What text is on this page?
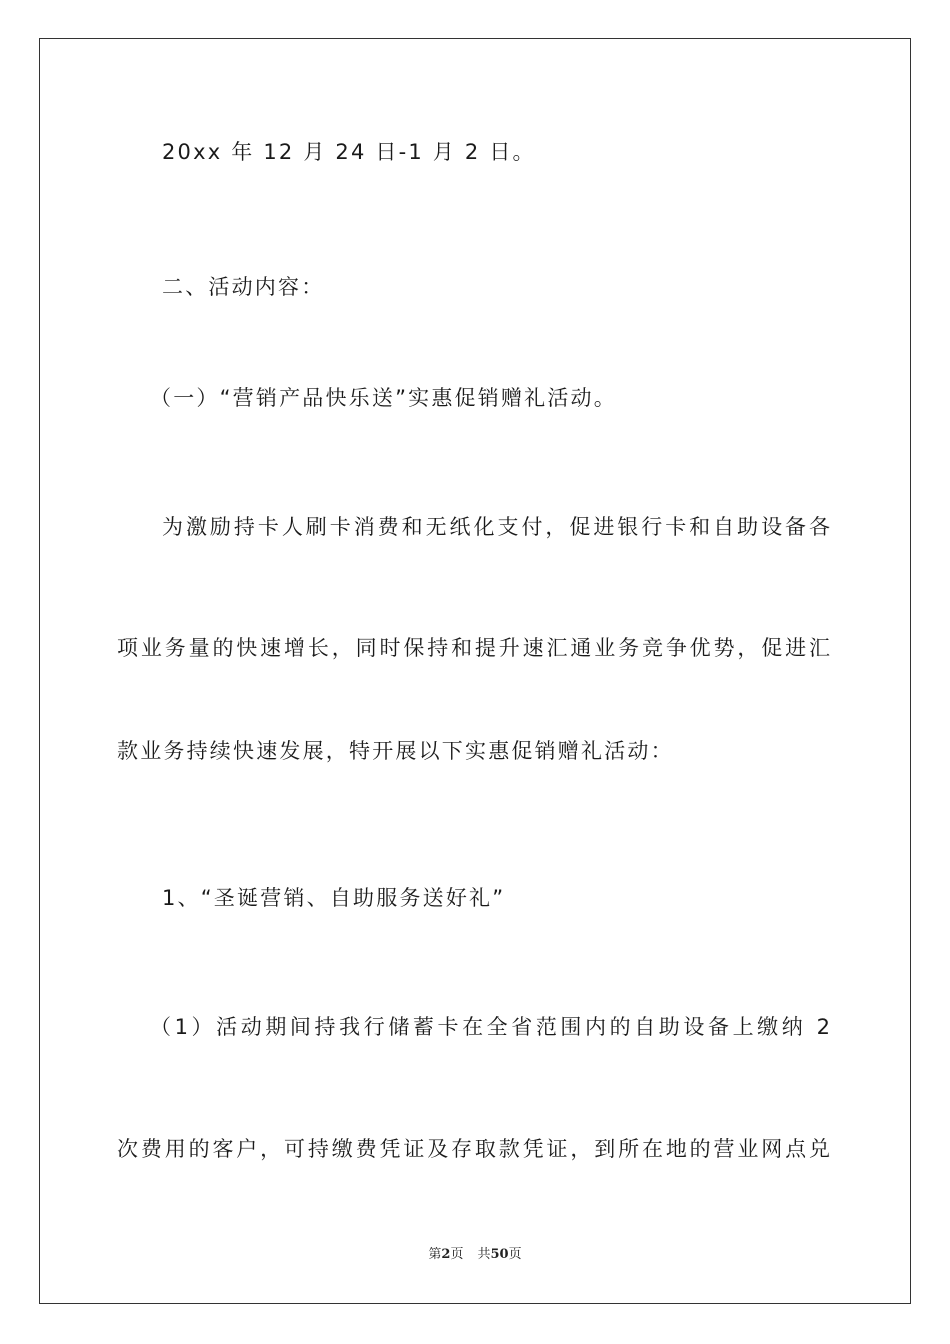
20xx 年 12 月 24 日-1 月 2 日。
二、活动内容：
（一）“营销产品快乐送”实惠促销赠礼活动。
为激励持卡人刷卡消费和无纸化支付，促进银行卡和自助设备各
项业务量的快速增长，同时保持和提升速汇通业务竞争优势，促进汇
款业务持续快速发展，特开展以下实惠促销赠礼活动：
1、“圣诞营销、自助服务送好礼”
（1）活动期间持我行储蓄卡在全省范围内的自助设备上缴纳 2
次费用的客户，可持缴费凭证及存取款凭证，到所在地的营业网点兑
第2页 共50页
